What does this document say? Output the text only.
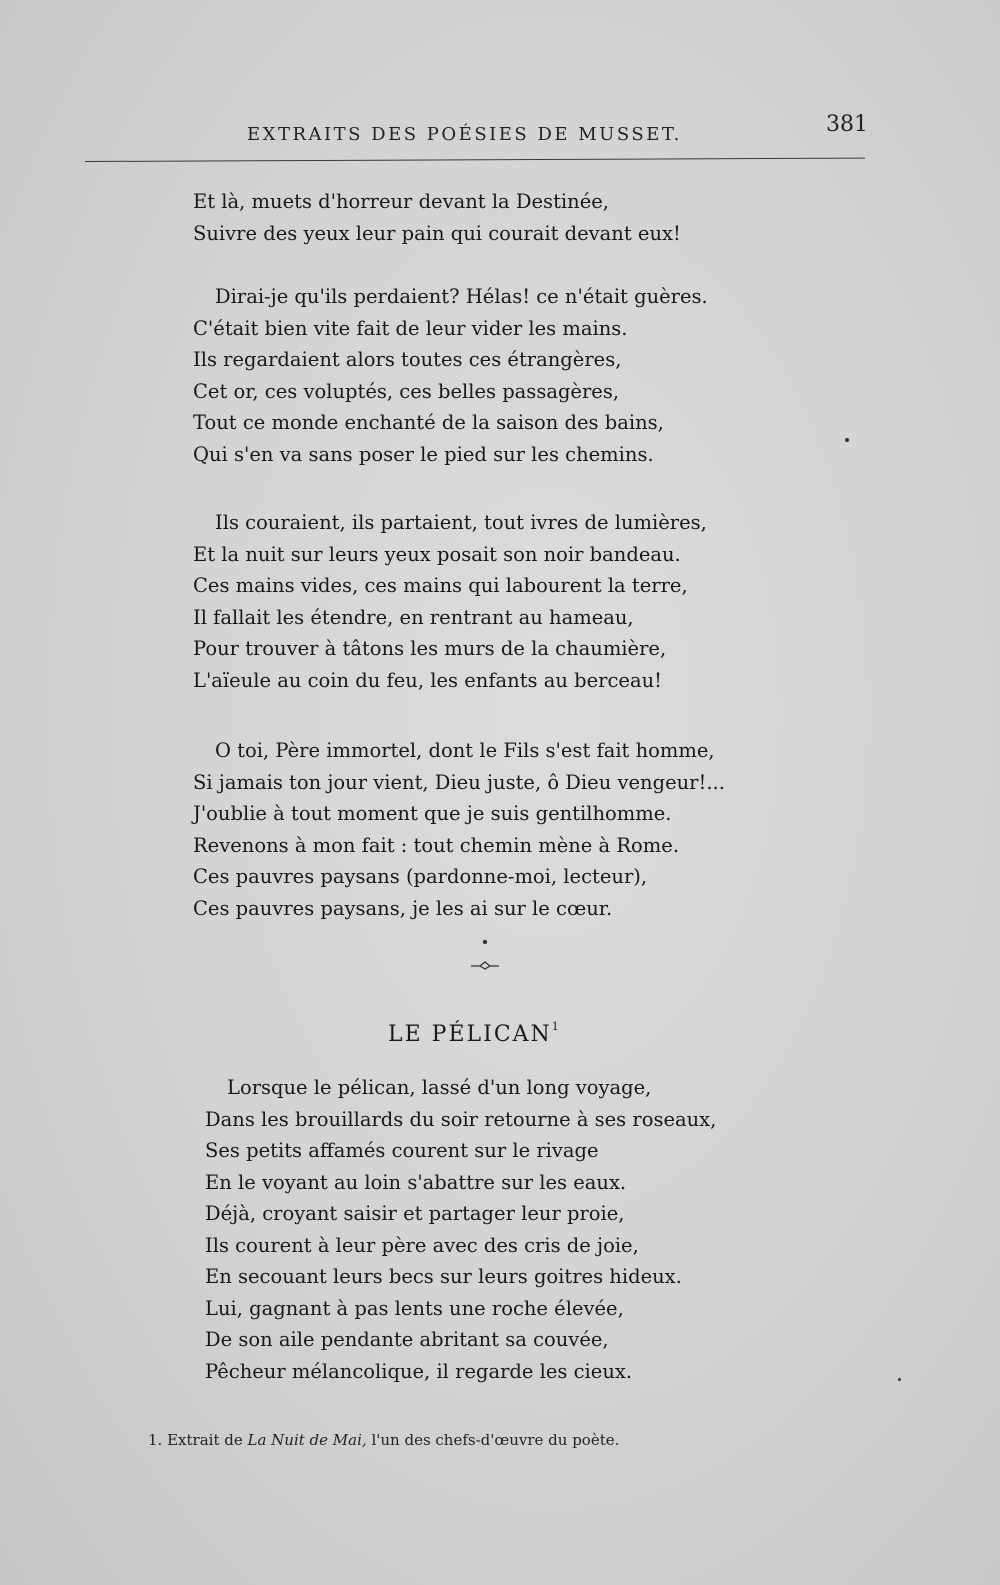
EXTRAITS DES POÉSIES DE MUSSET.	381
Et là, muets d'horreur devant la Destinée,
Suivre des yeux leur pain qui courait devant eux!
Dirai-je qu'ils perdaient? Hélas! ce n'était guères.
C'était bien vite fait de leur vider les mains.
Ils regardaient alors toutes ces étrangères,
Cet or, ces voluptés, ces belles passagères,
Tout ce monde enchanté de la saison des bains,
Qui s'en va sans poser le pied sur les chemins.
Ils couraient, ils partaient, tout ivres de lumières,
Et la nuit sur leurs yeux posait son noir bandeau.
Ces mains vides, ces mains qui labourent la terre,
Il fallait les étendre, en rentrant au hameau,
Pour trouver à tâtons les murs de la chaumière,
L'aïeule au coin du feu, les enfants au berceau!
O toi, Père immortel, dont le Fils s'est fait homme,
Si jamais ton jour vient, Dieu juste, ô Dieu vengeur!...
J'oublie à tout moment que je suis gentilhomme.
Revenons à mon fait : tout chemin mène à Rome.
Ces pauvres paysans (pardonne-moi, lecteur),
Ces pauvres paysans, je les ai sur le cœur.
LE PÉLICAN$^1$
Lorsque le pélican, lassé d'un long voyage,
Dans les brouillards du soir retourne à ses roseaux,
Ses petits affamés courent sur le rivage
En le voyant au loin s'abattre sur les eaux.
Déjà, croyant saisir et partager leur proie,
Ils courent à leur père avec des cris de joie,
En secouant leurs becs sur leurs goitres hideux.
Lui, gagnant à pas lents une roche élevée,
De son aile pendante abritant sa couvée,
Pêcheur mélancolique, il regarde les cieux.
1. Extrait de La Nuit de Mai, l'un des chefs-d'œuvre du poète.
